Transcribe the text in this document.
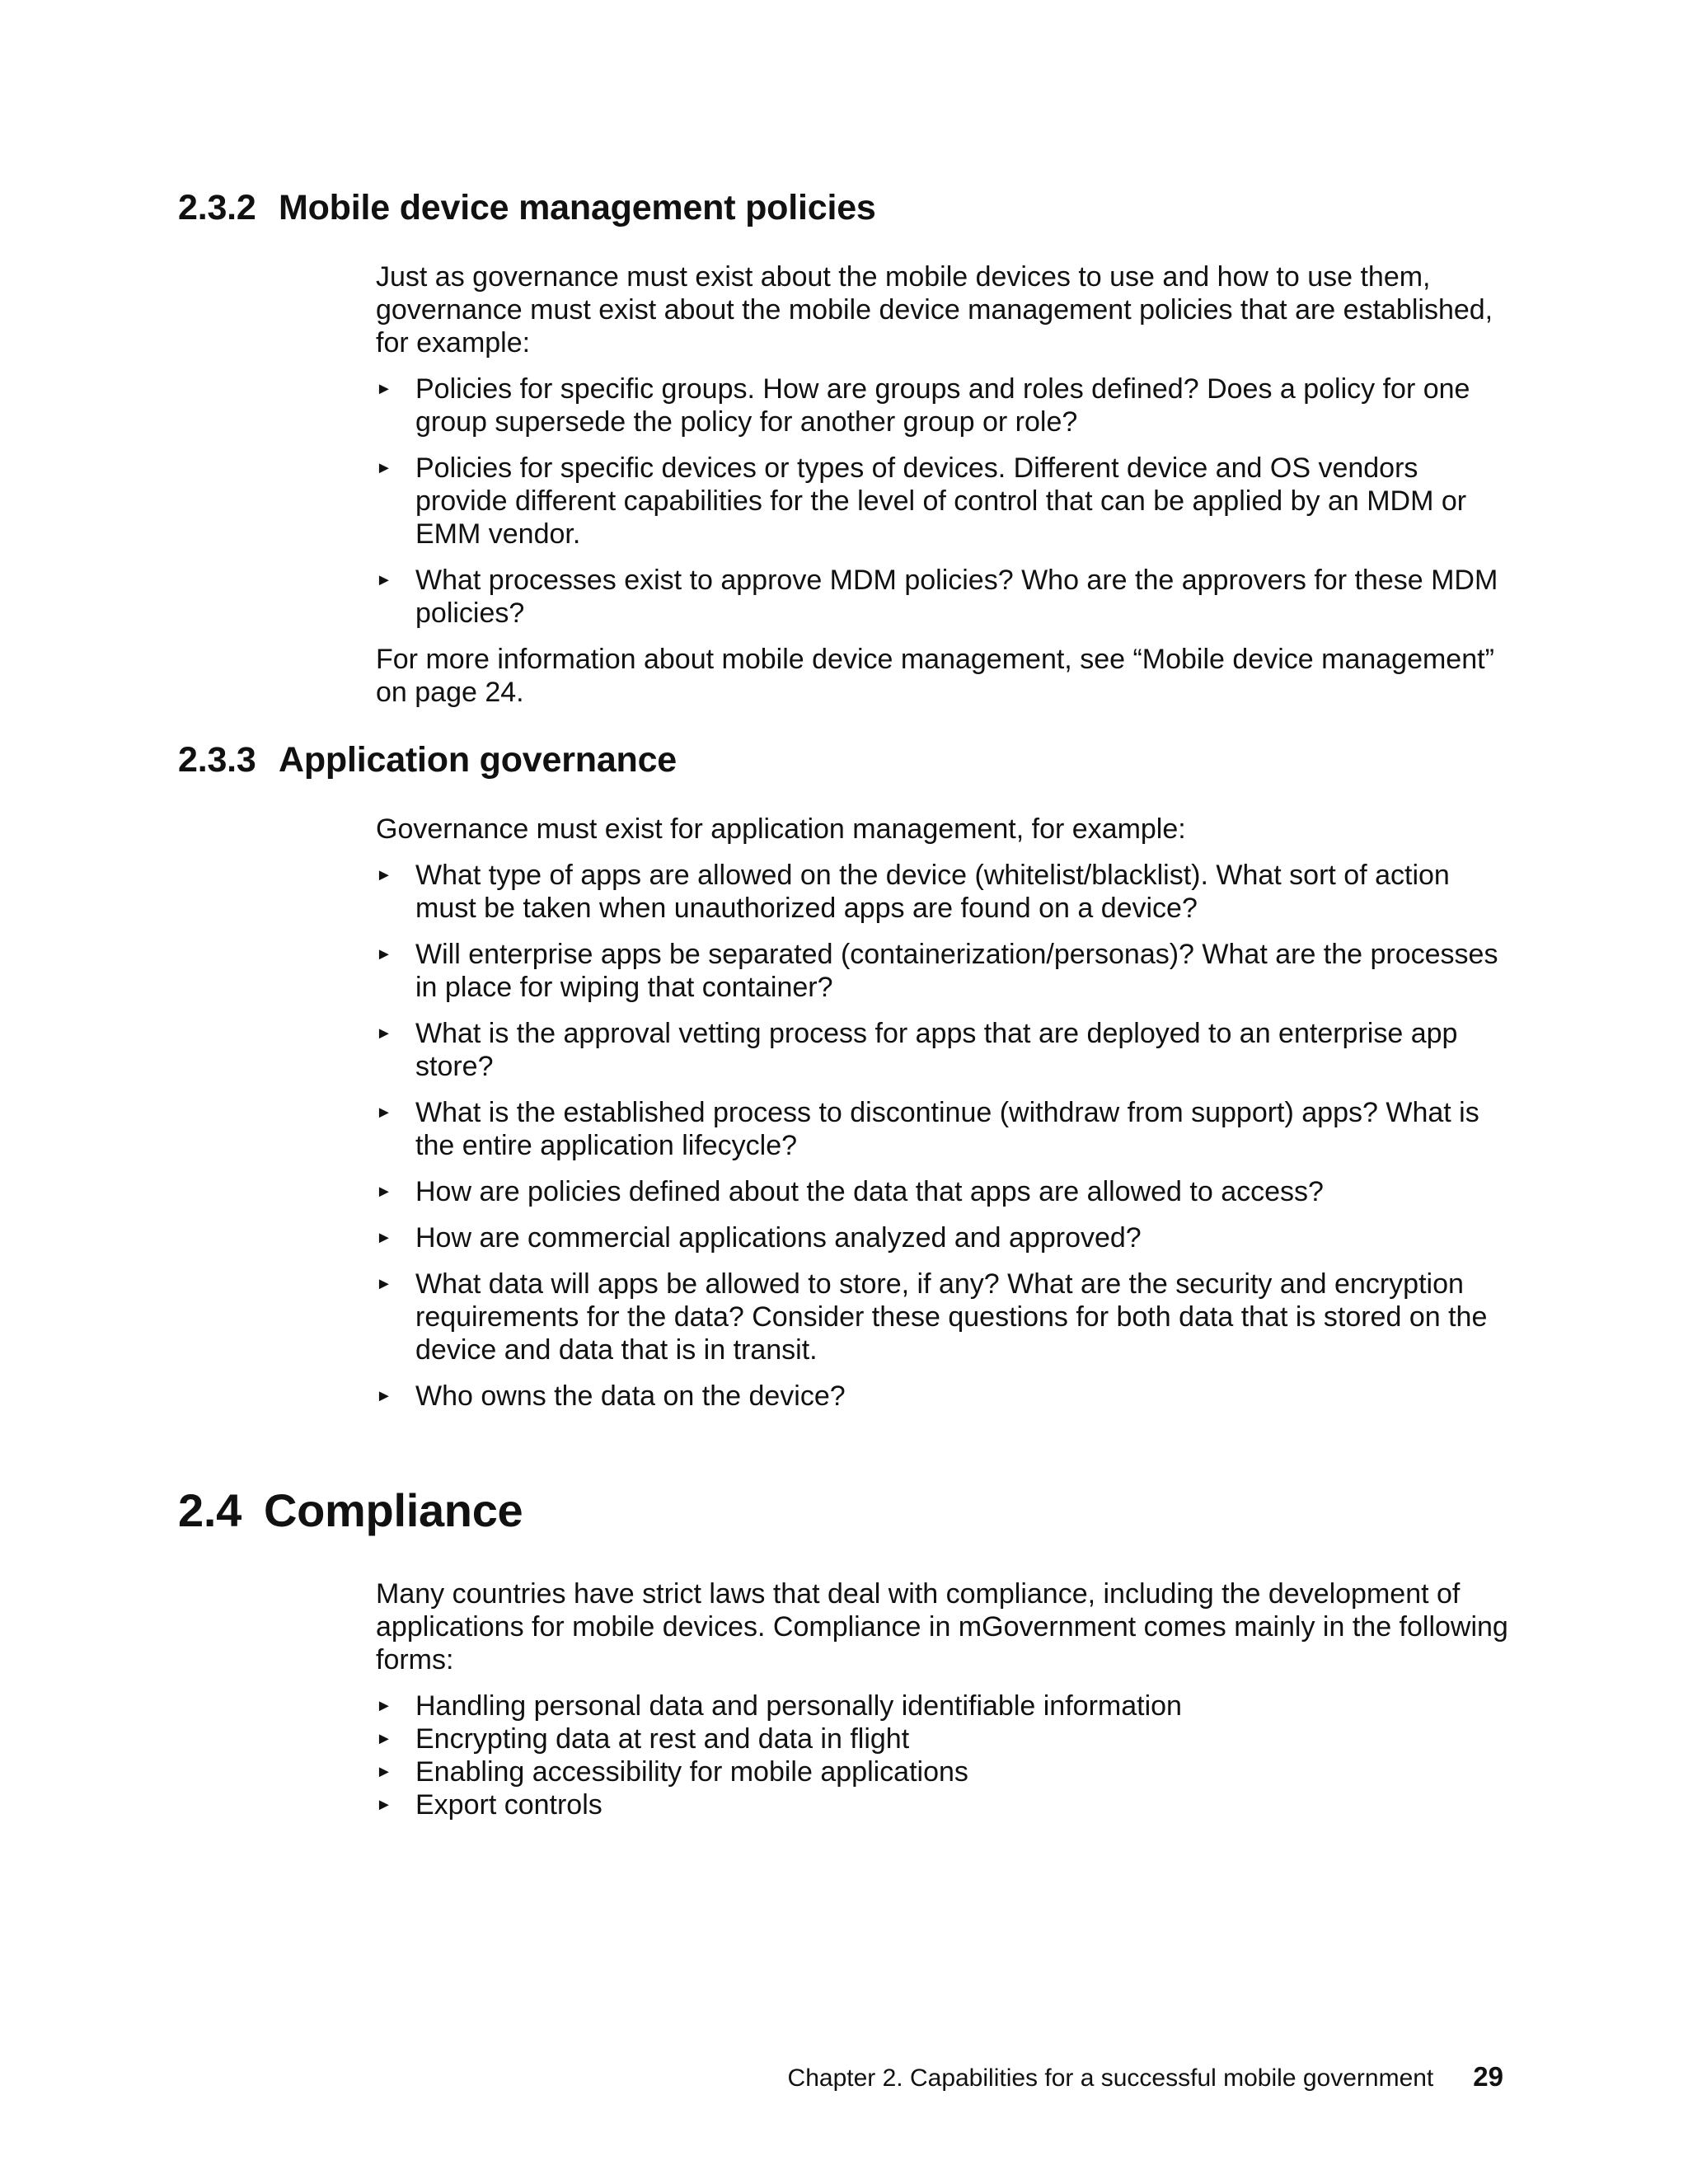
2.3.2 Mobile device management policies

Just as governance must exist about the mobile devices to use and how to use them, governance must exist about the mobile device management policies that are established, for example:

► Policies for specific groups. How are groups and roles defined? Does a policy for one group supersede the policy for another group or role?
► Policies for specific devices or types of devices. Different device and OS vendors provide different capabilities for the level of control that can be applied by an MDM or EMM vendor.
► What processes exist to approve MDM policies? Who are the approvers for these MDM policies?

For more information about mobile device management, see “Mobile device management” on page 24.

2.3.3 Application governance

Governance must exist for application management, for example:

► What type of apps are allowed on the device (whitelist/blacklist). What sort of action must be taken when unauthorized apps are found on a device?
► Will enterprise apps be separated (containerization/personas)? What are the processes in place for wiping that container?
► What is the approval vetting process for apps that are deployed to an enterprise app store?
► What is the established process to discontinue (withdraw from support) apps? What is the entire application lifecycle?
► How are policies defined about the data that apps are allowed to access?
► How are commercial applications analyzed and approved?
► What data will apps be allowed to store, if any? What are the security and encryption requirements for the data? Consider these questions for both data that is stored on the device and data that is in transit.
► Who owns the data on the device?
2.4 Compliance

Many countries have strict laws that deal with compliance, including the development of applications for mobile devices. Compliance in mGovernment comes mainly in the following forms:

► Handling personal data and personally identifiable information
► Encrypting data at rest and data in flight
► Enabling accessibility for mobile applications
► Export controls
Chapter 2. Capabilities for a successful mobile government 29
